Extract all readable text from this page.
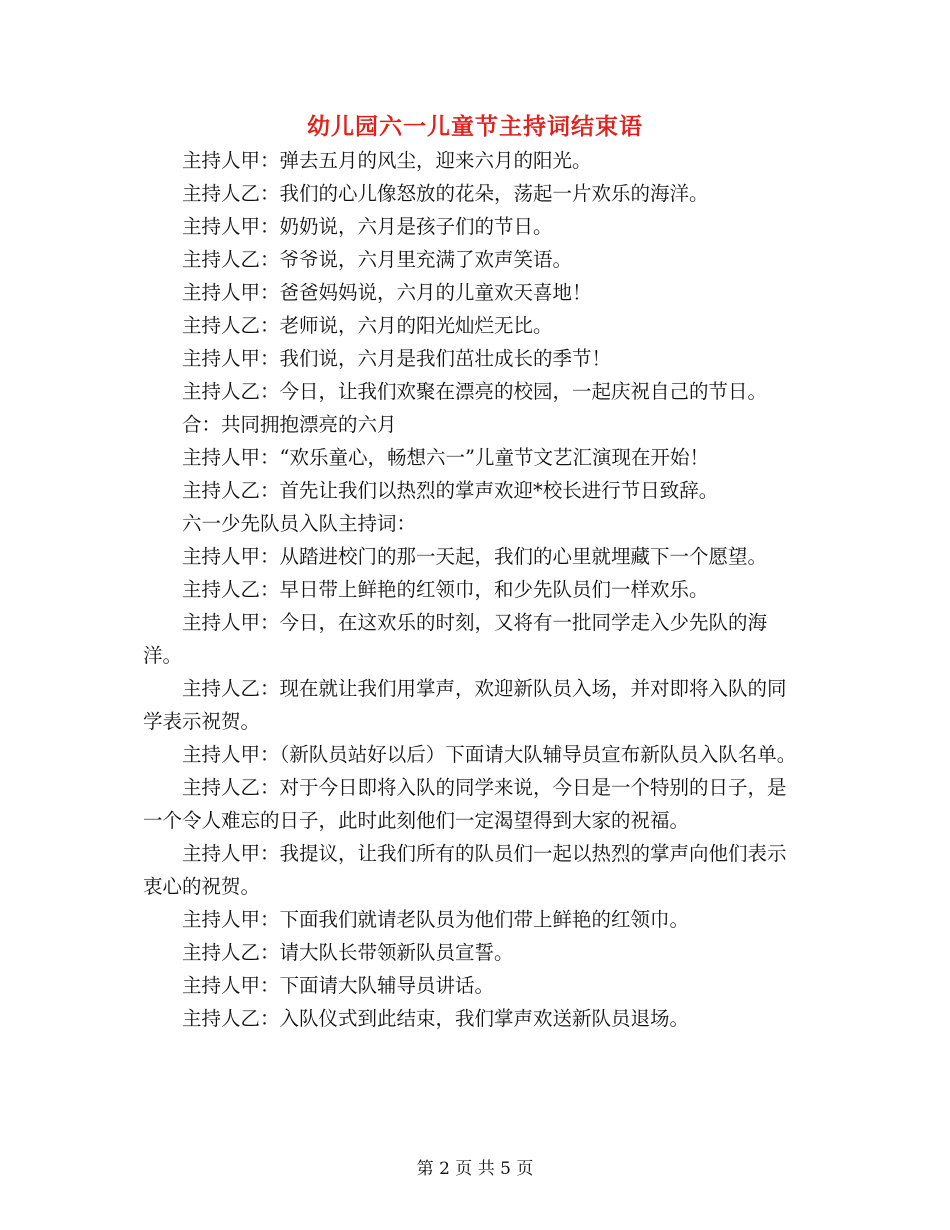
幼儿园六一儿童节主持词结束语

主持人甲：弹去五月的风尘，迎来六月的阳光。

主持人乙：我们的心儿像怒放的花朵，荡起一片欢乐的海洋。

主持人甲：奶奶说，六月是孩子们的节日。

主持人乙：爷爷说，六月里充满了欢声笑语。

主持人甲：爸爸妈妈说，六月的儿童欢天喜地！

主持人乙：老师说，六月的阳光灿烂无比。

主持人甲：我们说，六月是我们茁壮成长的季节！

主持人乙：今日，让我们欢聚在漂亮的校园，一起庆祝自己的节日。

合：共同拥抱漂亮的六月

主持人甲：“欢乐童心，畅想六一”儿童节文艺汇演现在开始！

主持人乙：首先让我们以热烈的掌声欢迎*校长进行节日致辞。

六一少先队员入队主持词：

主持人甲：从踏进校门的那一天起，我们的心里就埋藏下一个愿望。

主持人乙：早日带上鲜艳的红领巾，和少先队员们一样欢乐。

主持人甲：今日，在这欢乐的时刻，又将有一批同学走入少先队的海洋。

主持人乙：现在就让我们用掌声，欢迎新队员入场，并对即将入队的同学表示祝贺。

主持人甲：（新队员站好以后）下面请大队辅导员宣布新队员入队名单。

主持人乙：对于今日即将入队的同学来说，今日是一个特别的日子，是一个令人难忘的日子，此时此刻他们一定渴望得到大家的祝福。

主持人甲：我提议，让我们所有的队员们一起以热烈的掌声向他们表示衷心的祝贺。

主持人甲：下面我们就请老队员为他们带上鲜艳的红领巾。

主持人乙：请大队长带领新队员宣誓。

主持人甲：下面请大队辅导员讲话。

主持人乙：入队仪式到此结束，我们掌声欢送新队员退场。

第 2 页 共 5 页
